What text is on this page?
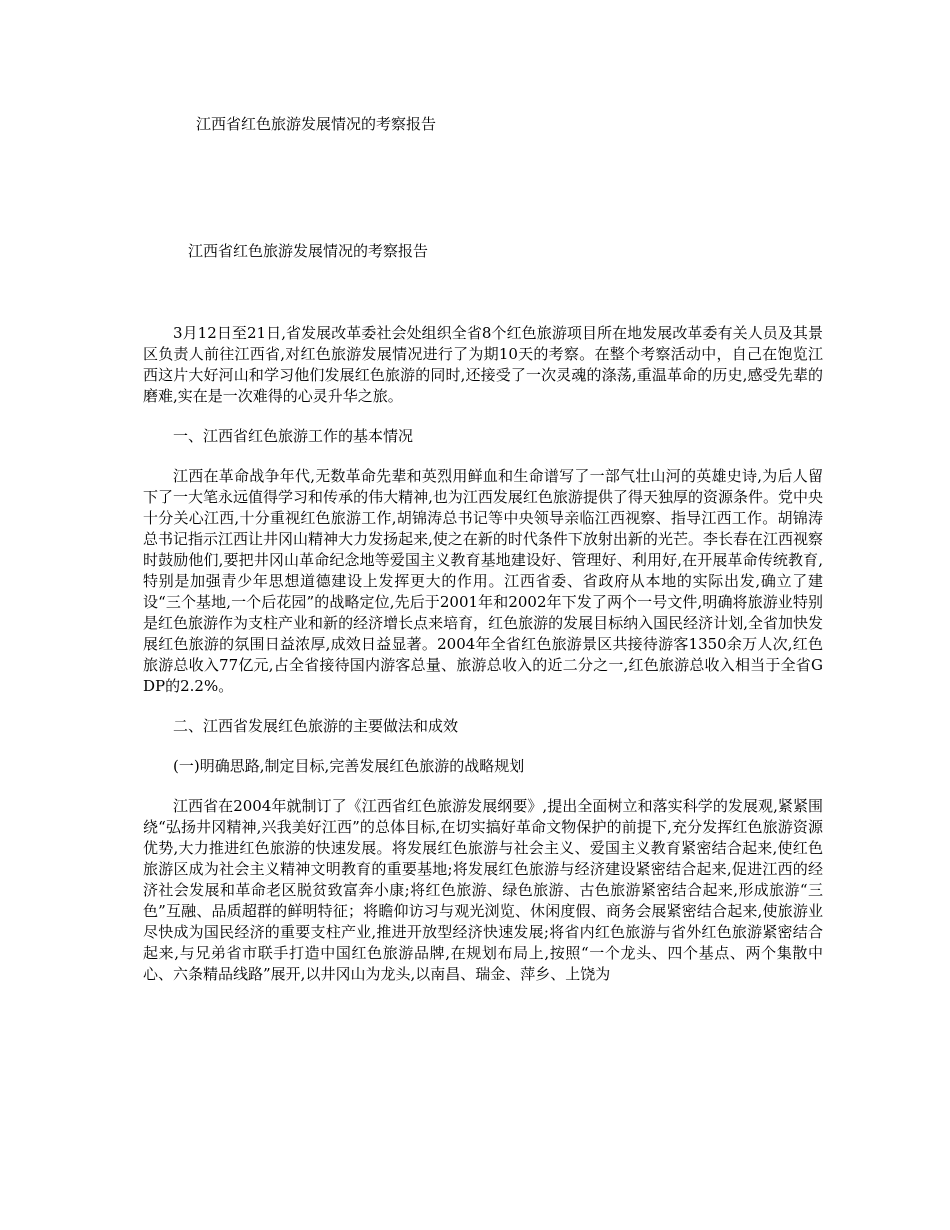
江西省红色旅游发展情况的考察报告
江西省红色旅游发展情况的考察报告

3月12日至21日,省发展改革委社会处组织全省8个红色旅游项目所在地发展改革委有关人员及其景区负责人前往江西省,对红色旅游发展情况进行了为期10天的考察。在整个考察活动中，自己在饱览江西这片大好河山和学习他们发展红色旅游的同时,还接受了一次灵魂的涤荡,重温革命的历史,感受先辈的磨难,实在是一次难得的心灵升华之旅。

一、江西省红色旅游工作的基本情况

江西在革命战争年代,无数革命先辈和英烈用鲜血和生命谱写了一部气壮山河的英雄史诗,为后人留下了一大笔永远值得学习和传承的伟大精神,也为江西发展红色旅游提供了得天独厚的资源条件。党中央十分关心江西,十分重视红色旅游工作,胡锦涛总书记等中央领导亲临江西视察、指导江西工作。胡锦涛总书记指示江西让井冈山精神大力发扬起来,使之在新的时代条件下放射出新的光芒。李长春在江西视察时鼓励他们,要把井冈山革命纪念地等爱国主义教育基地建设好、管理好、利用好,在开展革命传统教育,特别是加强青少年思想道德建设上发挥更大的作用。江西省委、省政府从本地的实际出发,确立了建设“三个基地,一个后花园”的战略定位,先后于2001年和2002年下发了两个一号文件,明确将旅游业特别是红色旅游作为支柱产业和新的经济增长点来培育，红色旅游的发展目标纳入国民经济计划,全省加快发展红色旅游的氛围日益浓厚,成效日益显著。2004年全省红色旅游景区共接待游客1350余万人次,红色旅游总收入77亿元,占全省接待国内游客总量、旅游总收入的近二分之一,红色旅游总收入相当于全省GDP的2.2%。

二、江西省发展红色旅游的主要做法和成效

(一)明确思路,制定目标,完善发展红色旅游的战略规划

江西省在2004年就制订了《江西省红色旅游发展纲要》,提出全面树立和落实科学的发展观,紧紧围绕“弘扬井冈精神,兴我美好江西”的总体目标,在切实搞好革命文物保护的前提下,充分发挥红色旅游资源优势,大力推进红色旅游的快速发展。将发展红色旅游与社会主义、爱国主义教育紧密结合起来,使红色旅游区成为社会主义精神文明教育的重要基地;将发展红色旅游与经济建设紧密结合起来,促进江西的经济社会发展和革命老区脱贫致富奔小康;将红色旅游、绿色旅游、古色旅游紧密结合起来,形成旅游“三色”互融、品质超群的鲜明特征；将瞻仰访习与观光浏览、休闲度假、商务会展紧密结合起来,使旅游业尽快成为国民经济的重要支柱产业,推进开放型经济快速发展;将省内红色旅游与省外红色旅游紧密结合起来,与兄弟省市联手打造中国红色旅游品牌,在规划布局上,按照“一个龙头、四个基点、两个集散中心、六条精品线路”展开,以井冈山为龙头,以南昌、瑞金、萍乡、上饶为
